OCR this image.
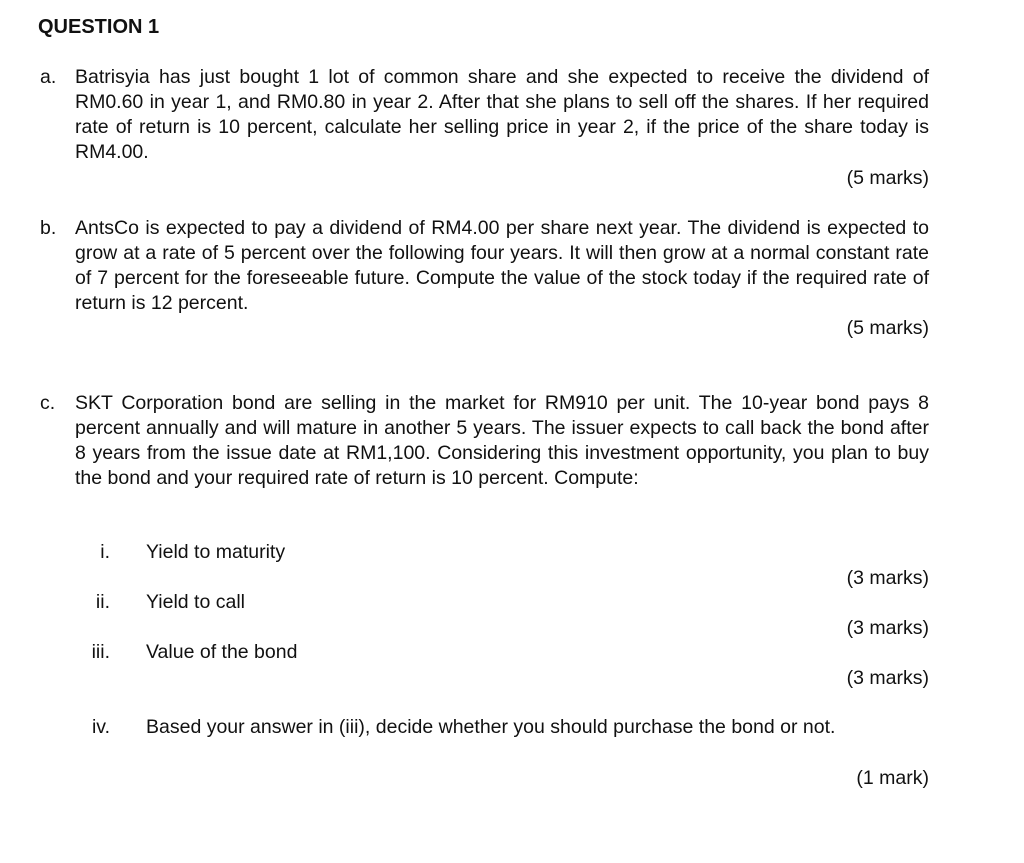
QUESTION 1
a. Batrisyia has just bought 1 lot of common share and she expected to receive the dividend of RM0.60 in year 1, and RM0.80 in year 2. After that she plans to sell off the shares. If her required rate of return is 10 percent, calculate her selling price in year 2, if the price of the share today is RM4.00.
(5 marks)
b. AntsCo is expected to pay a dividend of RM4.00 per share next year. The dividend is expected to grow at a rate of 5 percent over the following four years. It will then grow at a normal constant rate of 7 percent for the foreseeable future. Compute the value of the stock today if the required rate of return is 12 percent.
(5 marks)
c. SKT Corporation bond are selling in the market for RM910 per unit. The 10-year bond pays 8 percent annually and will mature in another 5 years. The issuer expects to call back the bond after 8 years from the issue date at RM1,100. Considering this investment opportunity, you plan to buy the bond and your required rate of return is 10 percent. Compute:
i. Yield to maturity
(3 marks)
ii. Yield to call
(3 marks)
iii. Value of the bond
(3 marks)
iv. Based your answer in (iii), decide whether you should purchase the bond or not.
(1 mark)
